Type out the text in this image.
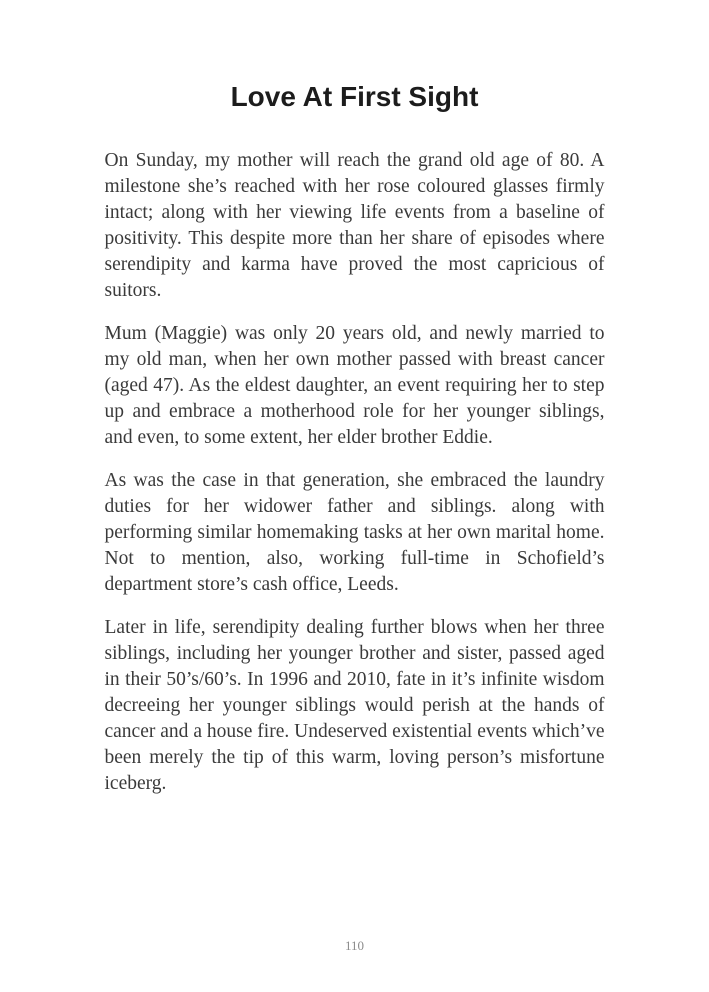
Love At First Sight

On Sunday, my mother will reach the grand old age of 80. A milestone she’s reached with her rose coloured glasses firmly intact; along with her viewing life events from a baseline of positivity. This despite more than her share of episodes where serendipity and karma have proved the most capricious of suitors.

Mum (Maggie) was only 20 years old, and newly married to my old man, when her own mother passed with breast cancer (aged 47). As the eldest daughter, an event requiring her to step up and embrace a motherhood role for her younger siblings, and even, to some extent, her elder brother Eddie.

As was the case in that generation, she embraced the laundry duties for her widower father and siblings. along with performing similar homemaking tasks at her own marital home. Not to mention, also, working full-time in Schofield’s department store’s cash office, Leeds.

Later in life, serendipity dealing further blows when her three siblings, including her younger brother and sister, passed aged in their 50’s/60’s. In 1996 and 2010, fate in it’s infinite wisdom decreeing her younger siblings would perish at the hands of cancer and a house fire. Undeserved existential events which’ve been merely the tip of this warm, loving person’s misfortune iceberg.

110
